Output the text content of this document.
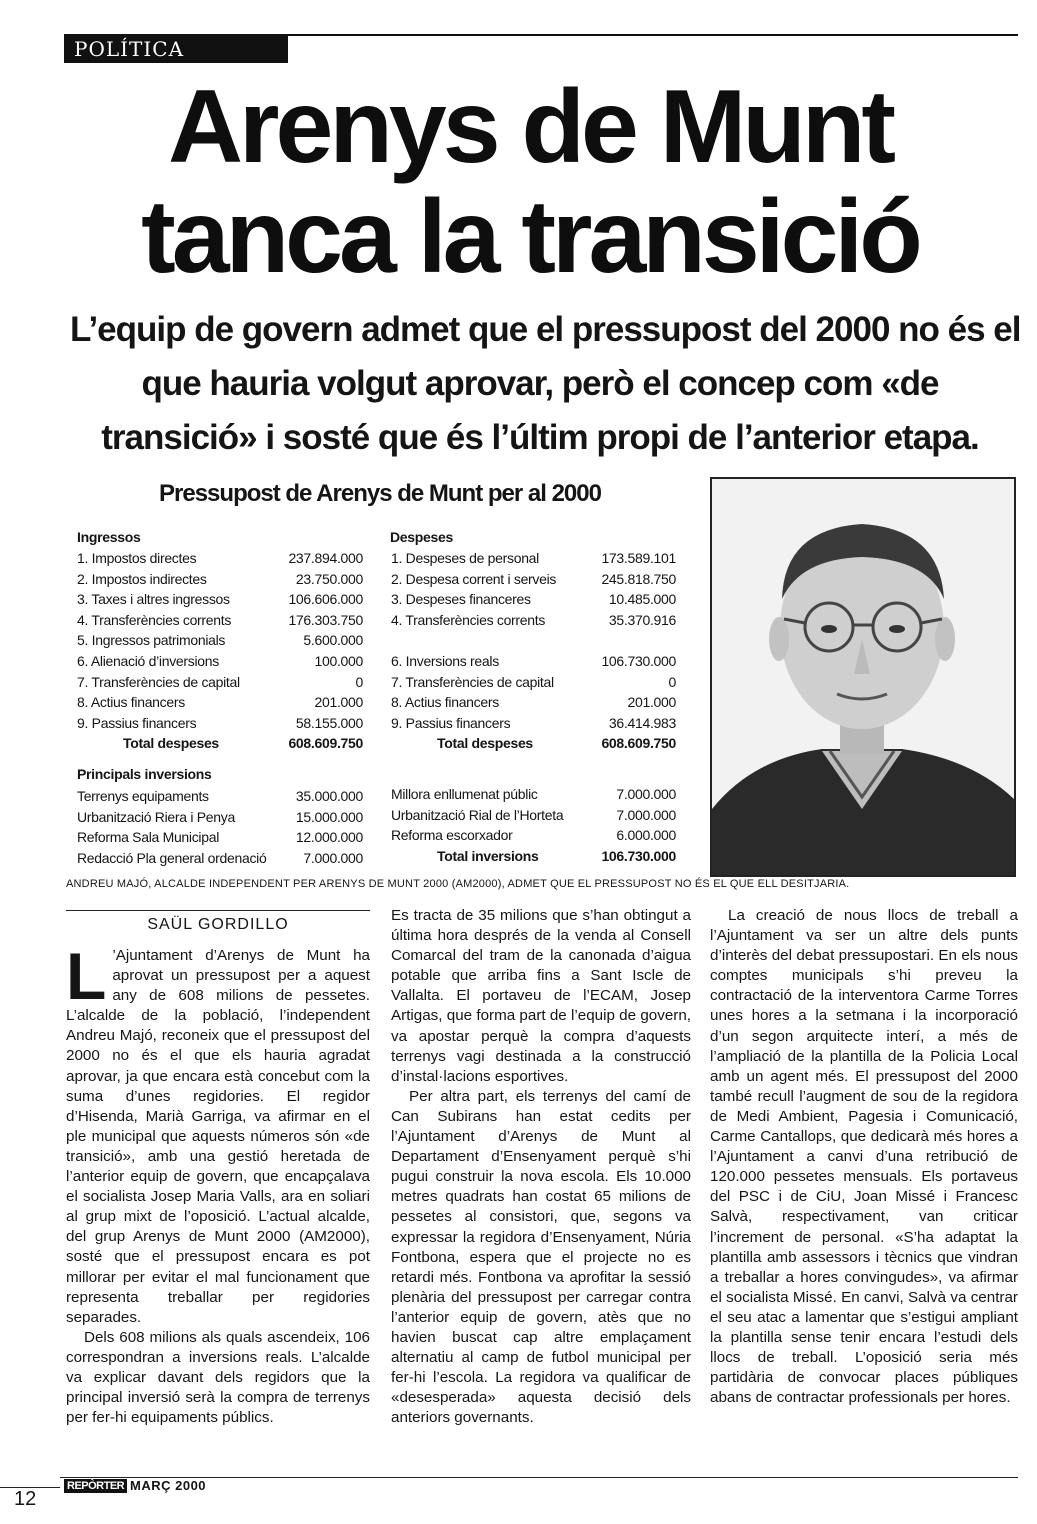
POLÍTICA
Arenys de Munt
tanca la transició
L’equip de govern admet que el pressupost del 2000 no és el
que hauria volgut aprovar, però el concep com «de
transició» i sosté que és l’últim propi de l’anterior etapa.
Pressupost de Arenys de Munt per al 2000
Ingressos	Despeses
Principals inversions
1. Impostos directes	237.894.000
2. Impostos indirectes	23.750.000
3. Taxes i altres ingressos	106.606.000
4. Transferències corrents	176.303.750
5. Ingressos patrimonials	5.600.000
6. Alienació d’inversions	100.000
7. Transferències de capital	0
8. Actius financers	201.000
9. Passius financers	58.155.000
Total despeses	608.609.750
1. Despeses de personal	173.589.101
2. Despesa corrent i serveis	245.818.750
3. Despeses financeres	10.485.000
4. Transferències corrents	35.370.916
6. Inversions reals	106.730.000
7. Transferències de capital	0
8. Actius financers	201.000
9. Passius financers	36.414.983
Total despeses	608.609.750
Terrenys equipaments	35.000.000
Urbanització Riera i Penya	15.000.000
Reforma Sala Municipal	12.000.000
Redacció Pla general ordenació	7.000.000
Millora enllumenat públic	7.000.000
Urbanització Rial de l’Horteta	7.000.000
Reforma escorxador	6.000.000
Total inversions	106.730.000
ANDREU MAJÓ, ALCALDE INDEPENDENT PER ARENYS DE MUNT 2000 (AM2000), ADMET QUE EL PRESSUPOST NO ÉS EL QUE ELL DESITJARIA.
SAÜL GORDILLO

L ’Ajuntament d’Arenys de Munt ha aprovat un pressupost per a aquest any de 608 milions de pessetes. L’alcalde de la població, l’independent Andreu Majó, reconeix que el pressupost del 2000 no és el que els hauria agradat aprovar, ja que encara està concebut com la suma d’unes regidories. El regidor d’Hisenda, Marià Garriga, va afirmar en el ple municipal que aquests números són «de transició», amb una gestió heretada de l’anterior equip de govern, que encapçalava el socialista Josep Maria Valls, ara en soliari al grup mixt de l’oposició. L’actual alcalde, del grup Arenys de Munt 2000 (AM2000), sosté que el pressupost encara es pot millorar per evitar el mal funcionament que representa treballar per regidories separades.

Dels 608 milions als quals ascendeix, 106 correspondran a inversions reals. L’alcalde va explicar davant dels regidors que la principal inversió serà la compra de terrenys per fer-hi equipaments públics.

Es tracta de 35 milions que s’han obtingut a última hora després de la venda al Consell Comarcal del tram de la canonada d’aigua potable que arriba fins a Sant Iscle de Vallalta. El portaveu de l’ECAM, Josep Artigas, que forma part de l’equip de govern, va apostar perquè la compra d’aquests terrenys vagi destinada a la construcció d’instal·lacions esportives.

Per altra part, els terrenys del camí de Can Subirans han estat cedits per l’Ajuntament d’Arenys de Munt al Departament d’Ensenyament perquè s’hi pugui construir la nova escola. Els 10.000 metres quadrats han costat 65 milions de pessetes al consistori, que, segons va expressar la regidora d’Ensenyament, Núria Fontbona, espera que el projecte no es retardi més. Fontbona va aprofitar la sessió plenària del pressupost per carregar contra l’anterior equip de govern, atès que no havien buscat cap altre emplaçament alternatiu al camp de futbol municipal per fer-hi l’escola. La regidora va qualificar de «desesperada» aquesta decisió dels anteriors governants.

La creació de nous llocs de treball a l’Ajuntament va ser un altre dels punts d’interès del debat pressupostari. En els nous comptes municipals s’hi preveu la contractació de la interventora Carme Torres unes hores a la setmana i la incorporació d’un segon arquitecte interí, a més de l’ampliació de la plantilla de la Policia Local amb un agent més. El pressupost del 2000 també recull l’augment de sou de la regidora de Medi Ambient, Pagesia i Comunicació, Carme Cantallops, que dedicarà més hores a l’Ajuntament a canvi d’una retribució de 120.000 pessetes mensuals. Els portaveus del PSC i de CiU, Joan Missé i Francesc Salvà, respectivament, van criticar l’increment de personal. «S’ha adaptat la plantilla amb assessors i tècnics que vindran a treballar a hores convingudes», va afirmar el socialista Missé. En canvi, Salvà va centrar el seu atac a lamentar que s’estigui ampliant la plantilla sense tenir encara l’estudi dels llocs de treball. L’oposició seria més partidària de convocar places públiques abans de contractar professionals per hores.

12
REPÒRTER MARÇ 2000
